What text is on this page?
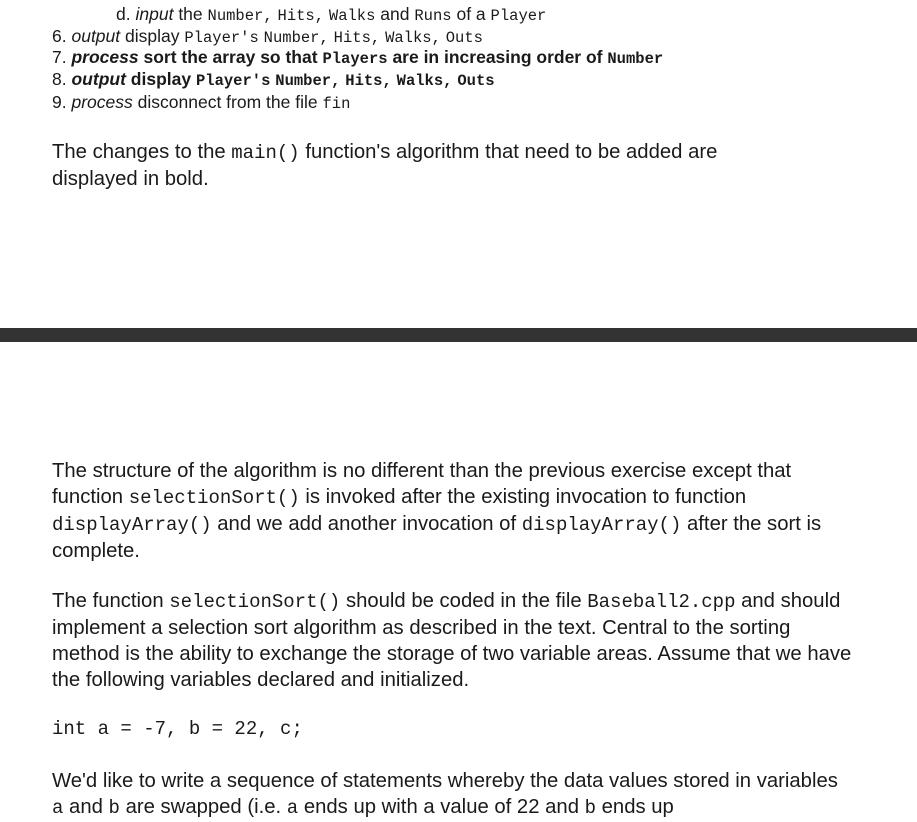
d. input the Number, Hits, Walks and Runs of a Player
6. output display Player's Number, Hits, Walks, Outs
7. process sort the array so that Players are in increasing order of Number
8. output display Player's Number, Hits, Walks, Outs
9. process disconnect from the file fin
The changes to the main() function's algorithm that need to be added are displayed in bold.
The structure of the algorithm is no different than the previous exercise except that function selectionSort() is invoked after the existing invocation to function displayArray() and we add another invocation of displayArray() after the sort is complete.
The function selectionSort() should be coded in the file Baseball2.cpp and should implement a selection sort algorithm as described in the text. Central to the sorting method is the ability to exchange the storage of two variable areas. Assume that we have the following variables declared and initialized.
int a = -7, b = 22, c;
We'd like to write a sequence of statements whereby the data values stored in variables a and b are swapped (i.e. a ends up with a value of 22 and b ends up
